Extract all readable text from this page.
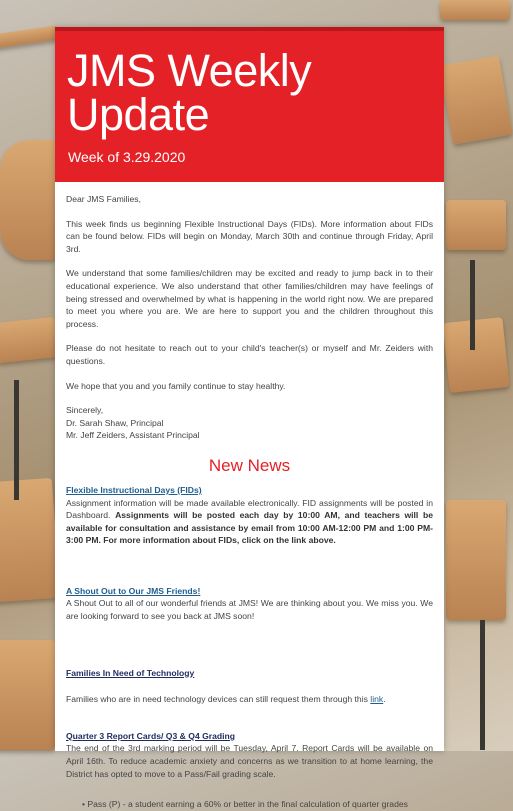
JMS Weekly Update
Week of 3.29.2020

Dear JMS Families,

This week finds us beginning Flexible Instructional Days (FIDs). More information about FIDs can be found below. FIDs will begin on Monday, March 30th and continue through Friday, April 3rd.

We understand that some families/children may be excited and ready to jump back in to their educational experience. We also understand that other families/children may have feelings of being stressed and overwhelmed by what is happening in the world right now. We are prepared to meet you where you are. We are here to support you and the children throughout this process.

Please do not hesitate to reach out to your child's teacher(s) or myself and Mr. Zeiders with questions.

We hope that you and you family continue to stay healthy.

Sincerely,
Dr. Sarah Shaw, Principal
Mr. Jeff Zeiders, Assistant Principal

New News
Flexible Instructional Days (FIDs)
Assignment information will be made available electronically. FID assignments will be posted in Dashboard. Assignments will be posted each day by 10:00 AM, and teachers will be available for consultation and assistance by email from 10:00 AM-12:00 PM and 1:00 PM-3:00 PM. For more information about FIDs, click on the link above.
A Shout Out to Our JMS Friends!
A Shout Out to all of our wonderful friends at JMS! We are thinking about you. We miss you. We are looking forward to see you back at JMS soon!
Families In Need of Technology
Families who are in need technology devices can still request them through this link.
Quarter 3 Report Cards/ Q3 & Q4 Grading
The end of the 3rd marking period will be Tuesday, April 7. Report Cards will be available on April 16th. To reduce academic anxiety and concerns as we transition to at home learning, the District has opted to move to a Pass/Fail grading scale.
• Pass (P) - a student earning a 60% or better in the final calculation of quarter grades
